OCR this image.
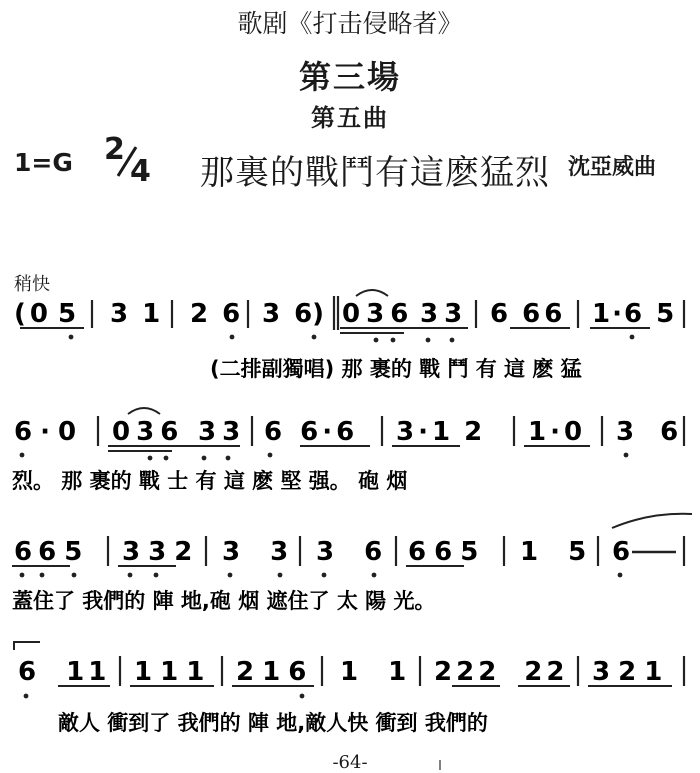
歌剧《打击侵略者》
第三場
第五曲
1=G 2
4 那裏的戰鬥有這麽猛烈 沈亞威曲
稍快
( 0 5 3 1 2 6 3 6) 0 3 6 3 3 6 6 6 1·6 5
(二排副獨唱) 那 裹的 戰 鬥 有 這 麽 猛
6 · 0 0 3 6 3 3 6 6 · 6 3 · 1 2 1 · 0 3 6
烈。 那 裹的 戰 士 有 這 麽 堅 强。 砲 烟
6 6 5 3 3 2 3 3 3 6 6 6 5 1 5 6
蓋住了 我們的 陣 地,砲 烟 遮住了 太 陽 光。
6 1 1 1 1 1 2 1 6 1 1 2 2 2 2 2 3 2 1
敵人 衝到了 我們的 陣 地,敵人快 衝到 我們的
-64-
